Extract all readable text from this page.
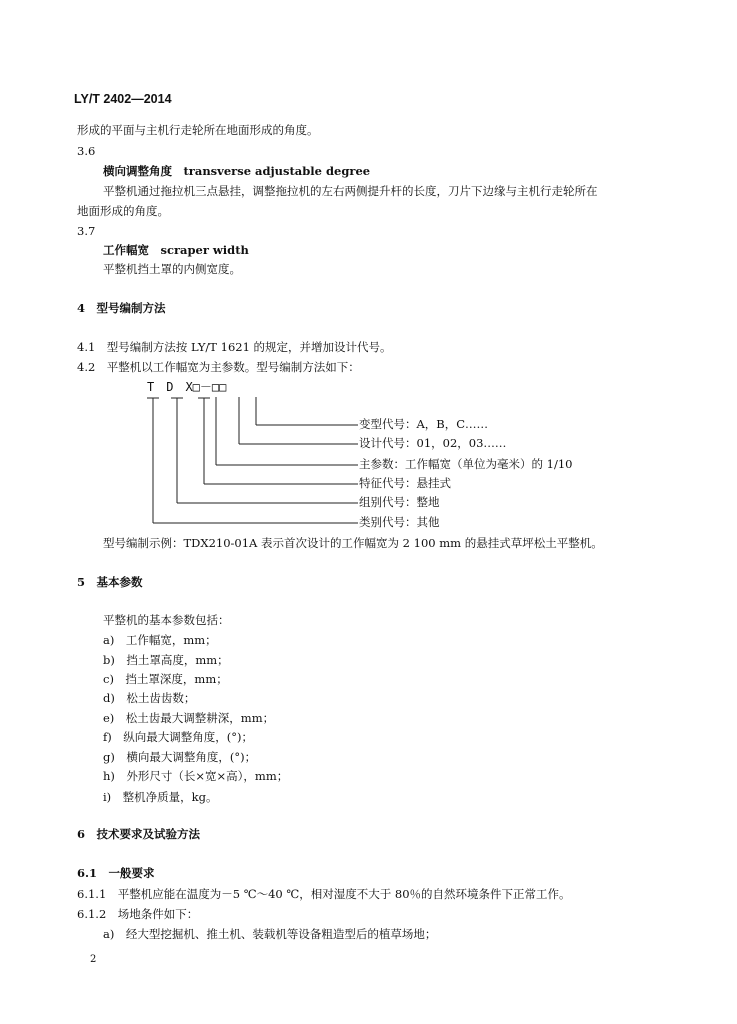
LY/T 2402—2014
形成的平面与主机行走轮所在地面形成的角度。
3.6
横向调整角度　transverse adjustable degree
平整机通过拖拉机三点悬挂，调整拖拉机的左右两侧提升杆的长度，刀片下边缘与主机行走轮所在
地面形成的角度。
3.7
工作幅宽　scraper width
平整机挡土罩的内侧宽度。
4　型号编制方法
4.1　型号编制方法按 LY/T 1621 的规定，并增加设计代号。
4.2　平整机以工作幅宽为主参数。型号编制方法如下：
T　D　X□－□□
变型代号：A，B，C……
设计代号：01，02，03……
主参数：工作幅宽（单位为毫米）的 1/10
特征代号：悬挂式
组别代号：整地
类别代号：其他
型号编制示例：TDX210-01A 表示首次设计的工作幅宽为 2 100 mm 的悬挂式草坪松土平整机。
5　基本参数
平整机的基本参数包括：
a)　工作幅宽，mm；
b)　挡土罩高度，mm；
c)　挡土罩深度，mm；
d)　松土齿齿数；
e)　松土齿最大调整耕深，mm；
f)　纵向最大调整角度，(°)；
g)　横向最大调整角度，(°)；
h)　外形尺寸（长×宽×高），mm；
i)　整机净质量，kg。
6　技术要求及试验方法
6.1　一般要求
6.1.1　平整机应能在温度为－5 ℃～40 ℃，相对湿度不大于 80％的自然环境条件下正常工作。
6.1.2　场地条件如下：
a)　经大型挖掘机、推土机、装载机等设备粗造型后的植草场地；
2
